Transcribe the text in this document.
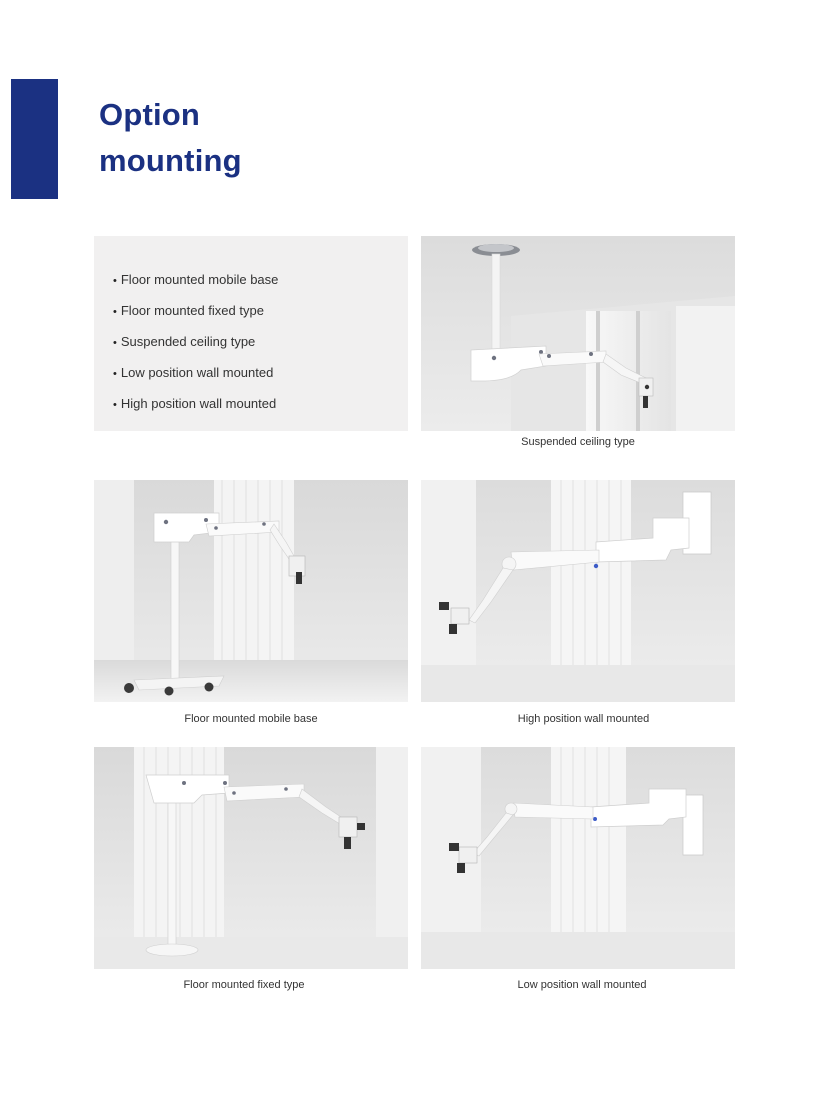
Option
mounting
• Floor mounted mobile base
• Floor mounted fixed type
• Suspended ceiling type
• Low position wall mounted
• High position wall mounted
Suspended ceiling type
Floor mounted mobile base	High position wall mounted
Floor mounted fixed type	Low position wall mounted
